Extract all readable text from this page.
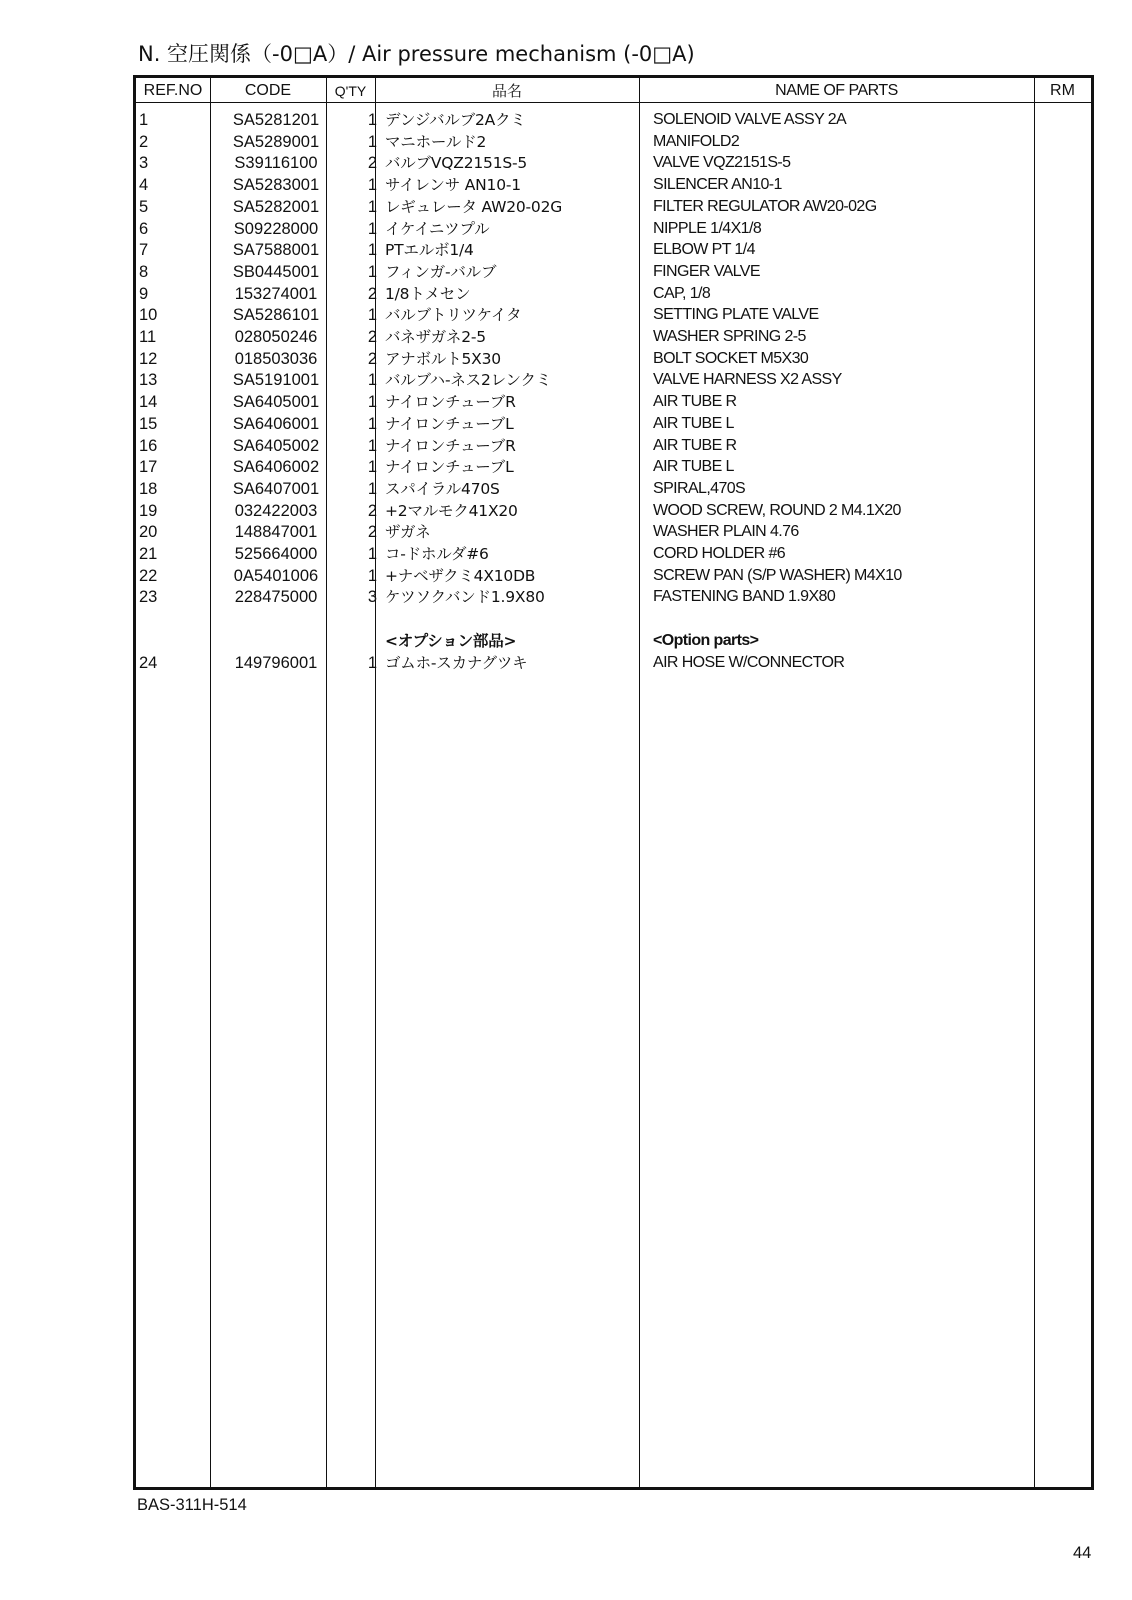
N. 空圧関係（-0□A）/ Air pressure mechanism (-0□A)
REF.NO	CODE	Q'TY	品名	NAME OF PARTS	RM
1	SA5281201	1 デンジバルブ2Aクミ	SOLENOID VALVE ASSY 2A
2	SA5289001	1 マニホールド2	MANIFOLD2
3	S39116100	2 バルブVQZ2151S-5	VALVE VQZ2151S-5
4	SA5283001	1 サイレンサ AN10-1	SILENCER AN10-1
5	SA5282001	1 レギュレータ AW20-02G	FILTER REGULATOR AW20-02G
6	S09228000	1 イケイニツプル	NIPPLE 1/4X1/8
7	SA7588001	1 PTエルボ1/4	ELBOW PT 1/4
8	SB0445001	1 フィンガ-バルブ	FINGER VALVE
9	153274001	2 1/8トメセン	CAP, 1/8
10	SA5286101	1 バルブトリツケイタ	SETTING PLATE VALVE
11	028050246	2 バネザガネ2-5	WASHER SPRING 2-5
12	018503036	2 アナボルト5X30	BOLT SOCKET M5X30
13	SA5191001	1 バルブハ-ネス2レンクミ	VALVE HARNESS X2 ASSY
14	SA6405001	1 ナイロンチューブR	AIR TUBE R
15	SA6406001	1 ナイロンチューブL	AIR TUBE L
16	SA6405002	1 ナイロンチューブR	AIR TUBE R
17	SA6406002	1 ナイロンチューブL	AIR TUBE L
18	SA6407001	1 スパイラル470S	SPIRAL,470S
19	032422003	2 +2マルモク41X20	WOOD SCREW, ROUND 2 M4.1X20
20	148847001	2 ザガネ	WASHER PLAIN 4.76
21	525664000	1 コ-ドホルダ#6	CORD HOLDER #6
22	0A5401006	1 +ナベザクミ4X10DB	SCREW PAN (S/P WASHER) M4X10
23	228475000	3 ケツソクバンド1.9X80	FASTENING BAND 1.9X80
<オプション部品>	<Option parts>
24	149796001	1 ゴムホ-スカナグツキ	AIR HOSE W/CONNECTOR
BAS-311H-514
44
